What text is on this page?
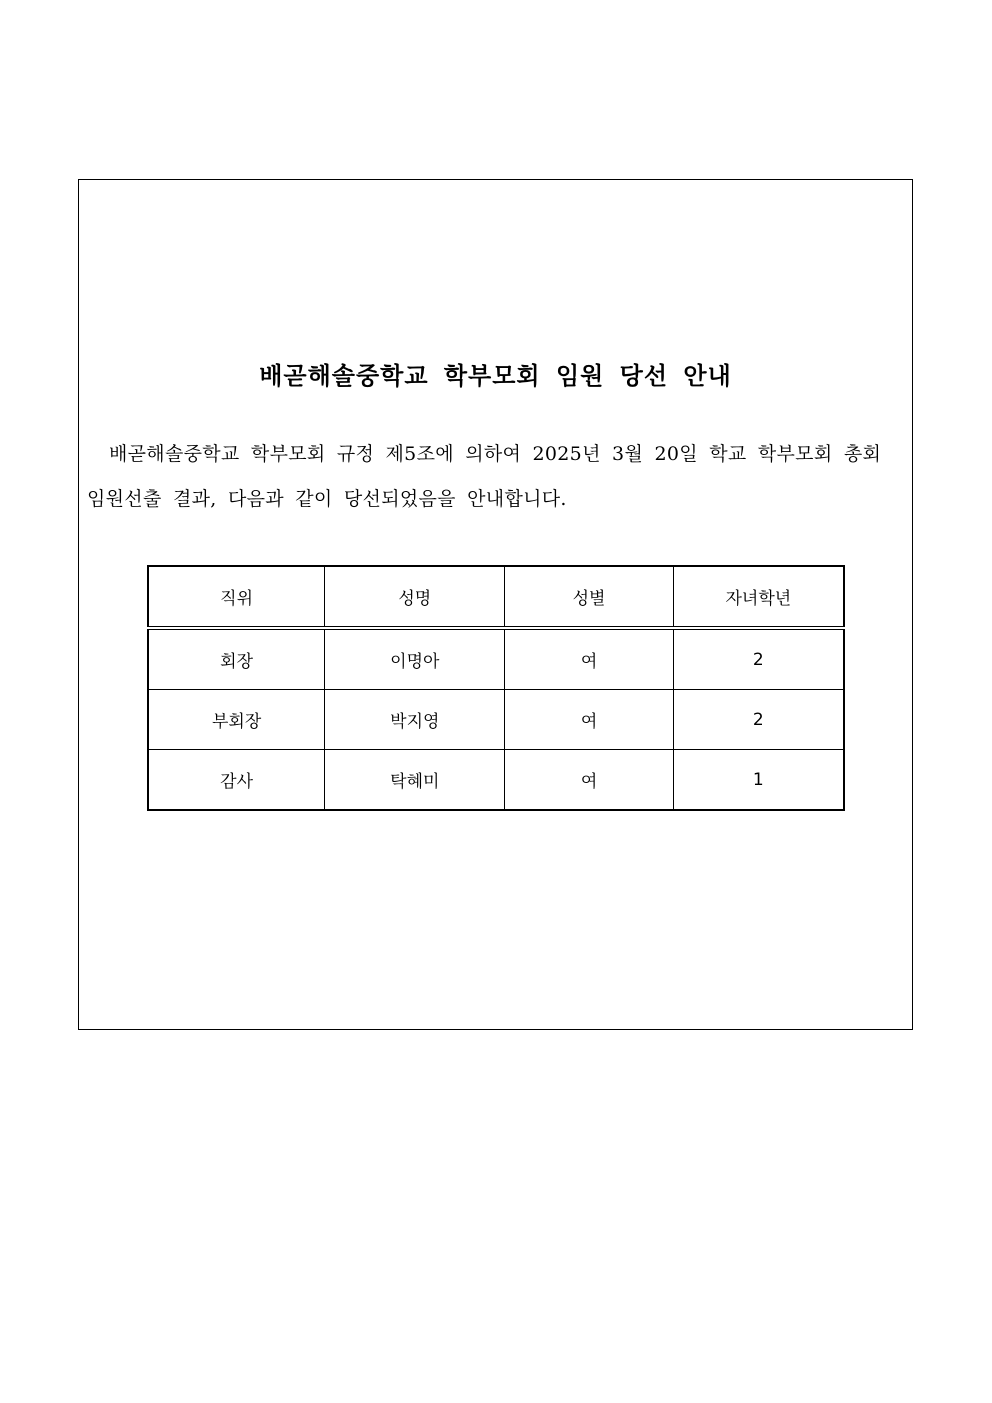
배곧해솔중학교 학부모회 임원 당선 안내

배곧해솔중학교 학부모회 규정 제5조에 의하여 2025년 3월 20일 학교 학부모회 총회 임원선출 결과, 다음과 같이 당선되었음을 안내합니다.

직위	성명	성별	자녀학년
회장	이명아	여	2
부회장	박지영	여	2
감사	탁혜미	여	1
